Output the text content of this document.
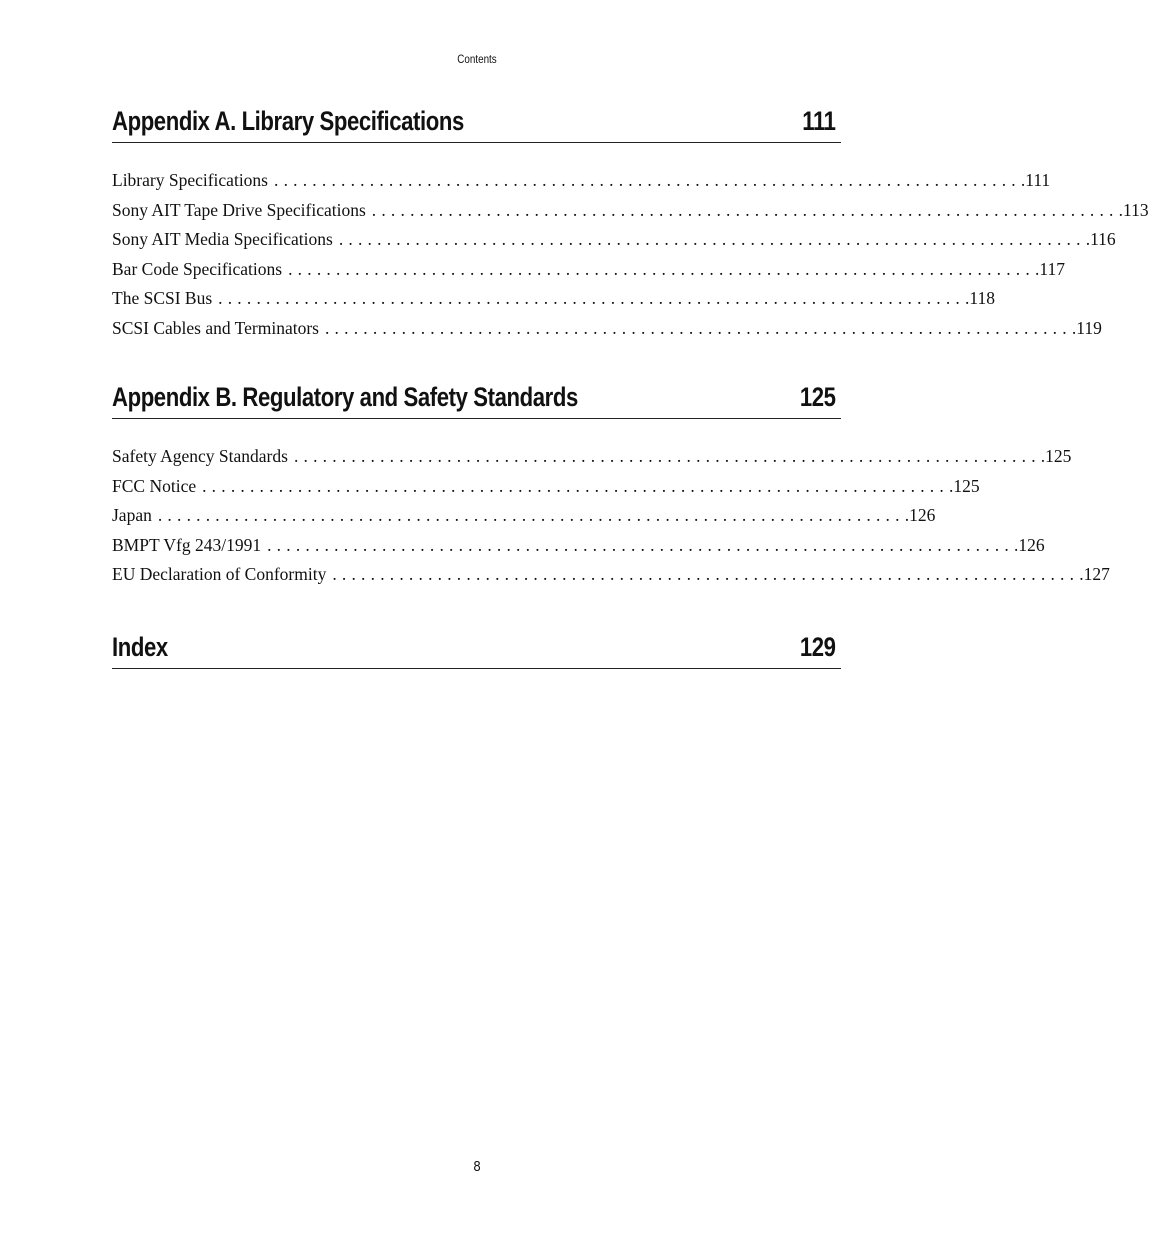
Contents
Appendix A. Library Specifications	111
Library Specifications .............................................................................. .111
Sony AIT Tape Drive Specifications .............................................................................. .113
Sony AIT Media Specifications .............................................................................. .116
Bar Code Specifications .............................................................................. .117
The SCSI Bus .............................................................................. .118
SCSI Cables and Terminators .............................................................................. .119
Appendix B. Regulatory and Safety Standards	125
Safety Agency Standards .............................................................................. .125
FCC Notice .............................................................................. .125
Japan .............................................................................. .126
BMPT Vfg 243/1991 .............................................................................. .126
EU Declaration of Conformity .............................................................................. .127
Index	129
8
